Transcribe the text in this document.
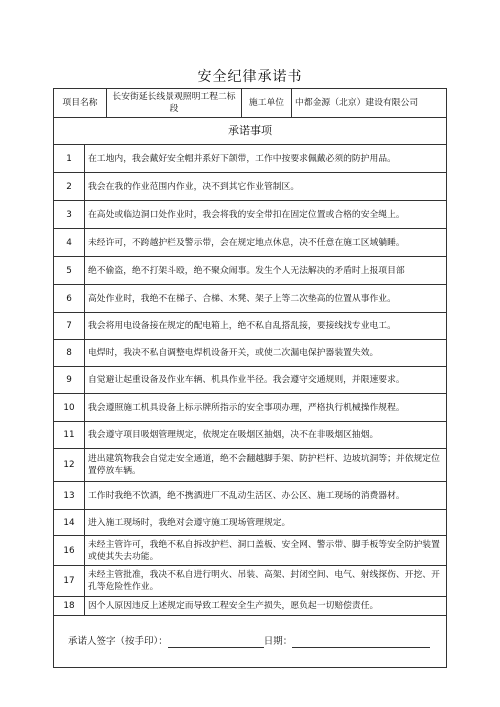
安全纪律承诺书
项目名称		长安街延长线景观照明工程二标段	施工单位	中都金源（北京）建设有限公司
承诺事项				
1	在工地内，我会戴好安全帽并系好下颌带，工作中按要求佩戴必须的防护用品。			
2	我会在我的作业范围内作业，决不到其它作业管制区。			
3	在高处或临边洞口处作业时，我会将我的安全带扣在固定位置或合格的安全绳上。			
4	未经许可，不跨越护栏及警示带，会在规定地点休息，决不任意在施工区域躺睡。			
5	绝不偷盗，绝不打架斗殴，绝不聚众闹事。发生个人无法解决的矛盾时上报项目部			
6	高处作业时，我绝不在梯子、合梯、木凳、架子上等二次垫高的位置从事作业。			
7	我会将用电设备接在规定的配电箱上，绝不私自乱搭乱接，要接线找专业电工。			
8	电焊时，我决不私自调整电焊机设备开关，或使二次漏电保护器装置失效。			
9	自觉避让起重设备及作业车辆、机具作业半径。我会遵守交通规则，并限速要求。			
10	我会遵照施工机具设备上标示牌所指示的安全事项办理，严格执行机械操作规程。			
11	我会遵守项目吸烟管理规定，依规定在吸烟区抽烟，决不在非吸烟区抽烟。			
12	进出建筑物我会自觉走安全通道，绝不会翻越脚手架、防护栏杆、边坡坑洞等；并依规定位置停放车辆。			
13	工作时我绝不饮酒，绝不携酒进厂不乱动生活区、办公区、施工现场的消费器材。			
14	进入施工现场时，我绝对会遵守施工现场管理规定。			
16	未经主管许可，我绝不私自拆改护栏、洞口盖板、安全网、警示带、脚手板等安全防护装置或使其失去功能。			
17	未经主管批准，我决不私自进行明火、吊装、高架、封闭空间、电气、射线探伤、开挖、开孔等危险性作业。			
18	因个人原因违反上述规定而导致工程安全生产损失，愿负起一切赔偿责任。			
承诺人签字（按手印）： 日期：				
